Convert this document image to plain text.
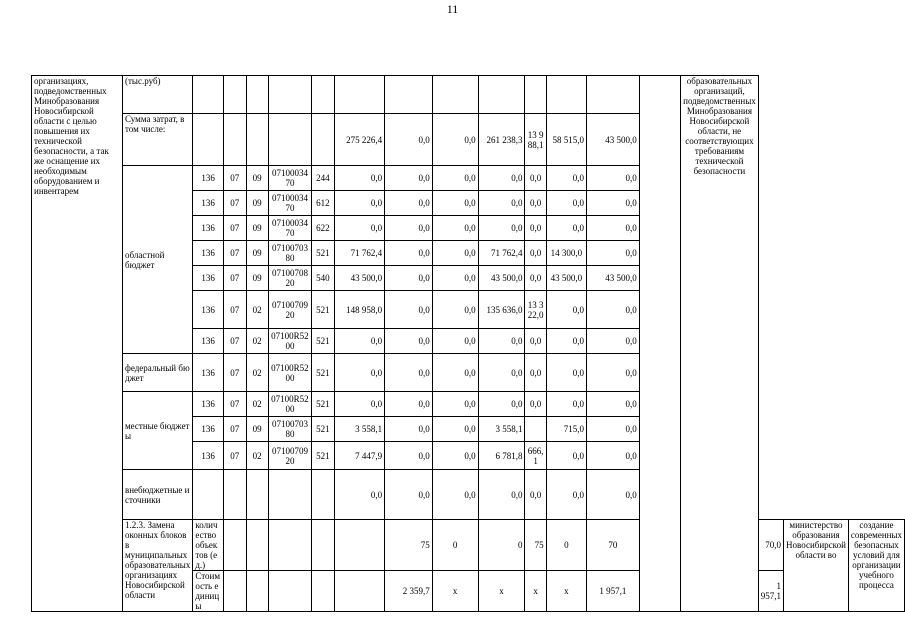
11
организациях, подведомственных Минобразования Новосибирской области с целью повышения их технической безопасности, а так же оснащение их необходимым оборудованием и инвентарем	(тыс.руб)														образовательных организаций, подведомственных Минобразования Новосибирской области, не соответствующих требованиям технической безопасности			
	Сумма затрат, в том числе:						275 226,4	0,0	0,0	261 238,3	13 988,1	58 515,0	43 500,0					
	областной бюджет	136	07	09	0710003470	244	0,0	0,0	0,0	0,0	0,0	0,0	0,0					
		136	07	09	0710003470	612	0,0	0,0	0,0	0,0	0,0	0,0	0,0					
		136	07	09	0710003470	622	0,0	0,0	0,0	0,0	0,0	0,0	0,0					
		136	07	09	0710070380	521	71 762,4	0,0	0,0	71 762,4	0,0	14 300,0	0,0					
		136	07	09	0710070820	540	43 500,0	0,0	0,0	43 500,0	0,0	43 500,0	43 500,0					
		136	07	02	0710070920	521	148 958,0	0,0	0,0	135 636,0	13 322,0	0,0	0,0					
		136	07	02	07100R5200	521	0,0	0,0	0,0	0,0	0,0	0,0	0,0					
	федеральный бюджет	136	07	02	07100R5200	521	0,0	0,0	0,0	0,0	0,0	0,0	0,0					
	местные бюджеты	136	07	02	07100R5200	521	0,0	0,0	0,0	0,0	0,0	0,0	0,0					
		136	07	09	0710070380	521	3 558,1	0,0	0,0	3 558,1		715,0	0,0					
		136	07	02	0710070920	521	7 447,9	0,0	0,0	6 781,8	666,1	0,0	0,0					
	внебюджетные источники						0,0	0,0	0,0	0,0	0,0	0,0	0,0					
	1.2.3. Замена оконных блоков в муниципальных образовательных организациях Новосибирской области	количество объектов (ед.)						75	0	0	75	0	70			70,0	министерство образования Новосибирской области во	создание современных безопасных условий для организации учебного процесса
		Стоимость единицы						2 359,7	х	х	х	х	1 957,1			1 957,1		
